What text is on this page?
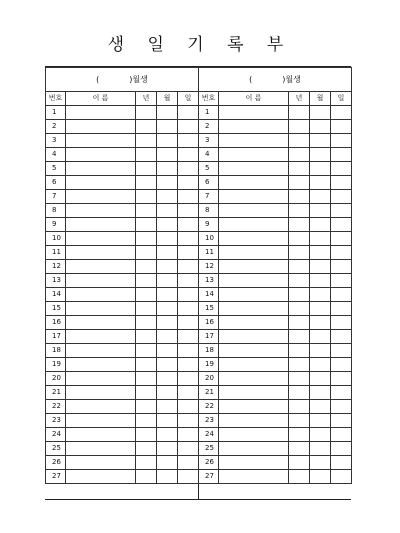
생 일 기 록 부
( )월생				
번호	이 름	년	월	일
1				
2				
3				
4				
5				
6				
7				
8				
9				
10				
11				
12				
13				
14				
15				
16				
17				
18				
19				
20				
21				
22				
23				
24				
25				
26				
27				
( )월생				
번호	이 름	년	월	일
1				
2				
3				
4				
5				
6				
7				
8				
9				
10				
11				
12				
13				
14				
15				
16				
17				
18				
19				
20				
21				
22				
23				
24				
25				
26				
27				
